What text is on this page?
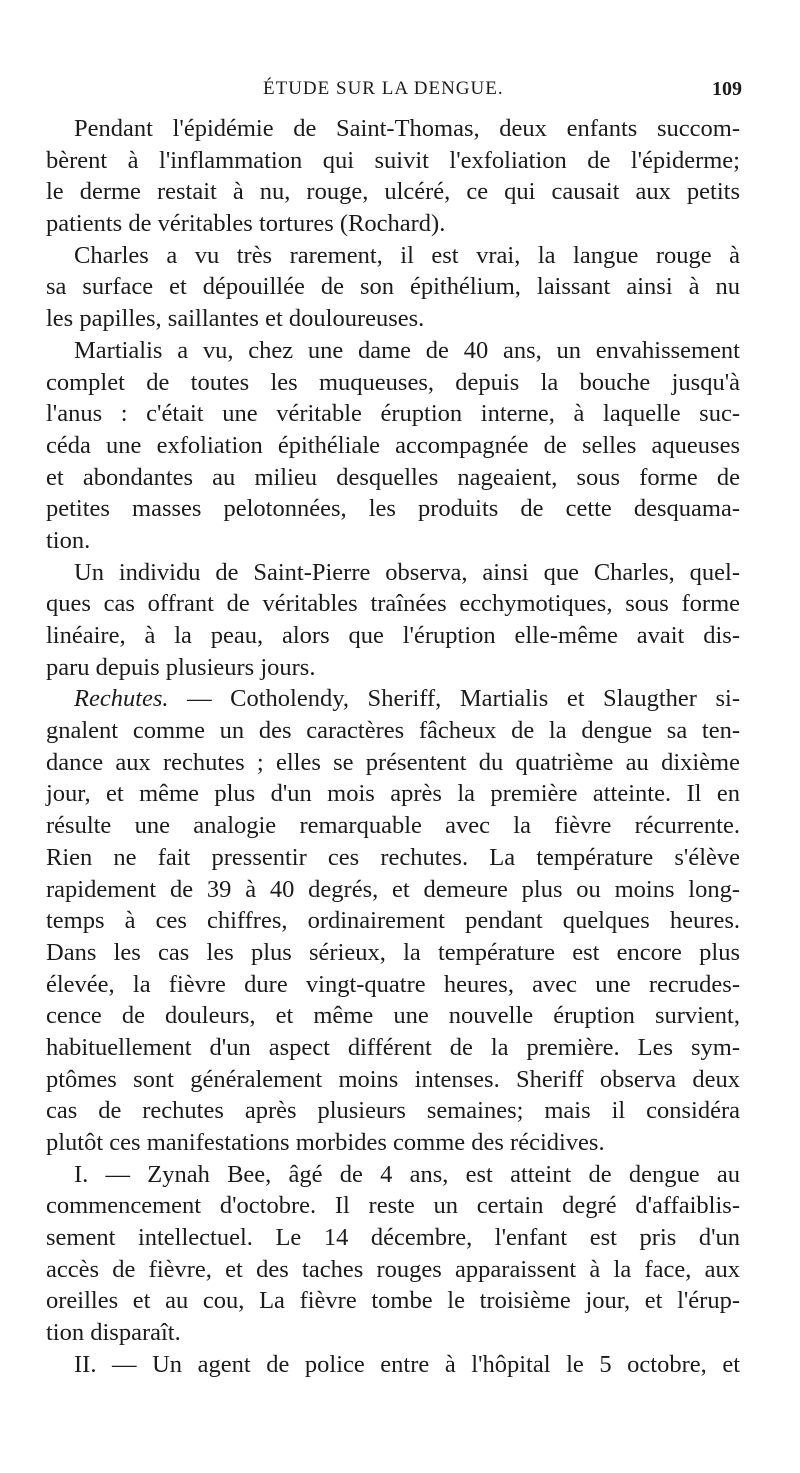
ÉTUDE SUR LA DENGUE.	109
Pendant l'épidémie de Saint-Thomas, deux enfants succom-
bèrent à l'inflammation qui suivit l'exfoliation de l'épiderme;
le derme restait à nu, rouge, ulcéré, ce qui causait aux petits
patients de véritables tortures (Rochard).
Charles a vu très rarement, il est vrai, la langue rouge à
sa surface et dépouillée de son épithélium, laissant ainsi à nu
les papilles, saillantes et douloureuses.
Martialis a vu, chez une dame de 40 ans, un envahissement
complet de toutes les muqueuses, depuis la bouche jusqu'à
l'anus : c'était une véritable éruption interne, à laquelle suc-
céda une exfoliation épithéliale accompagnée de selles aqueuses
et abondantes au milieu desquelles nageaient, sous forme de
petites masses pelotonnées, les produits de cette desquama-
tion.
Un individu de Saint-Pierre observa, ainsi que Charles, quel-
ques cas offrant de véritables traînées ecchymotiques, sous forme
linéaire, à la peau, alors que l'éruption elle-même avait dis-
paru depuis plusieurs jours.
Rechutes. — Cotholendy, Sheriff, Martialis et Slaugther si-
gnalent comme un des caractères fâcheux de la dengue sa ten-
dance aux rechutes ; elles se présentent du quatrième au dixième
jour, et même plus d'un mois après la première atteinte. Il en
résulte une analogie remarquable avec la fièvre récurrente.
Rien ne fait pressentir ces rechutes. La température s'élève
rapidement de 39 à 40 degrés, et demeure plus ou moins long-
temps à ces chiffres, ordinairement pendant quelques heures.
Dans les cas les plus sérieux, la température est encore plus
élevée, la fièvre dure vingt-quatre heures, avec une recrudes-
cence de douleurs, et même une nouvelle éruption survient,
habituellement d'un aspect différent de la première. Les sym-
ptômes sont généralement moins intenses. Sheriff observa deux
cas de rechutes après plusieurs semaines; mais il considéra
plutôt ces manifestations morbides comme des récidives.
I. — Zynah Bee, âgé de 4 ans, est atteint de dengue au
commencement d'octobre. Il reste un certain degré d'affaiblis-
sement intellectuel. Le 14 décembre, l'enfant est pris d'un
accès de fièvre, et des taches rouges apparaissent à la face, aux
oreilles et au cou, La fièvre tombe le troisième jour, et l'érup-
tion disparaît.
II. — Un agent de police entre à l'hôpital le 5 octobre, et
